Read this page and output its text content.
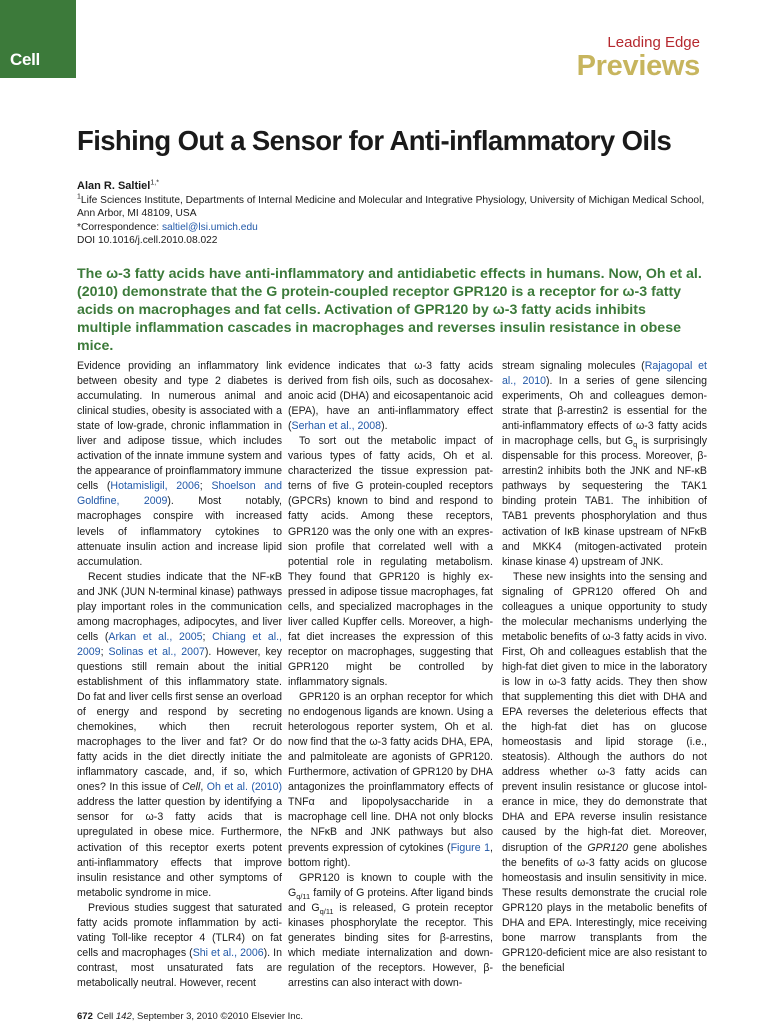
Cell
Leading Edge
Previews
Fishing Out a Sensor for Anti-inflammatory Oils
Alan R. Saltiel$^{1,*}$
$^1$Life Sciences Institute, Departments of Internal Medicine and Molecular and Integrative Physiology, University of Michigan Medical School, Ann Arbor, MI 48109, USA
*Correspondence: saltiel@lsi.umich.edu
DOI 10.1016/j.cell.2010.08.022

The ω-3 fatty acids have anti-inflammatory and antidiabetic effects in humans. Now, Oh et al. (2010) demonstrate that the G protein-coupled receptor GPR120 is a receptor for ω-3 fatty acids on macrophages and fat cells. Activation of GPR120 by ω-3 fatty acids inhibits multiple inflammation cascades in macrophages and reverses insulin resistance in obese mice.

Evidence providing an inflammatory link between obesity and type 2 diabetes is accumulating. In numerous animal and clinical studies, obesity is associated with a state of low-grade, chronic inflammation in liver and adipose tissue, which includes activation of the innate immune system and the appearance of proinflammatory immune cells (Hotamisligil, 2006; Shoelson and Goldfine, 2009). Most notably, macrophages conspire with increased levels of inflammatory cytokines to attenuate insulin action and increase lipid accumulation.

Recent studies indicate that the NF-κB and JNK (JUN N-terminal kinase) pathways play important roles in the communication among macrophages, adipocytes, and liver cells (Arkan et al., 2005; Chiang et al., 2009; Solinas et al., 2007). However, key questions still remain about the initial establishment of this inflammatory state. Do fat and liver cells first sense an overload of energy and respond by secreting chemokines, which then recruit macrophages to the liver and fat? Or do fatty acids in the diet directly initiate the inflammatory cascade, and, if so, which ones? In this issue of Cell, Oh et al. (2010) address the latter question by identifying a sensor for ω-3 fatty acids that is upregulated in obese mice. Furthermore, activation of this receptor exerts potent anti-inflammatory effects that improve insulin resistance and other symptoms of metabolic syndrome in mice.

Previous studies suggest that saturated fatty acids promote inflammation by activating Toll-like receptor 4 (TLR4) on fat cells and macrophages (Shi et al., 2006). In contrast, most unsaturated fats are metabolically neutral. However, recent

evidence indicates that ω-3 fatty acids derived from fish oils, such as docosahexanoic acid (DHA) and eicosapentanoic acid (EPA), have an anti-inflammatory effect (Serhan et al., 2008).

To sort out the metabolic impact of various types of fatty acids, Oh et al. characterized the tissue expression patterns of five G protein-coupled receptors (GPCRs) known to bind and respond to fatty acids. Among these receptors, GPR120 was the only one with an expression profile that correlated well with a potential role in regulating metabolism. They found that GPR120 is highly expressed in adipose tissue macrophages, fat cells, and specialized macrophages in the liver called Kupffer cells. Moreover, a high-fat diet increases the expression of this receptor on macrophages, suggesting that GPR120 might be controlled by inflammatory signals.

GPR120 is an orphan receptor for which no endogenous ligands are known. Using a heterologous reporter system, Oh et al. now find that the ω-3 fatty acids DHA, EPA, and palmitoleate are agonists of GPR120. Furthermore, activation of GPR120 by DHA antagonizes the proinflammatory effects of TNFα and lipopolysaccharide in a macrophage cell line. DHA not only blocks the NFκB and JNK pathways but also prevents expression of cytokines (Figure 1, bottom right).

GPR120 is known to couple with the $G_{q/11}$ family of G proteins. After ligand binds and $G_{q/11}$ is released, G protein receptor kinases phosphorylate the receptor. This generates binding sites for β-arrestins, which mediate internalization and downregulation of the receptors. However, β-arrestins can also interact with down-

stream signaling molecules (Rajagopal et al., 2010). In a series of gene silencing experiments, Oh and colleagues demonstrate that β-arrestin2 is essential for the anti-inflammatory effects of ω-3 fatty acids in macrophage cells, but $G_q$ is surprisingly dispensable for this process. Moreover, β-arrestin2 inhibits both the JNK and NF-κB pathways by sequestering the TAK1 binding protein TAB1. The inhibition of TAB1 prevents phosphorylation and thus activation of IκB kinase upstream of NFκB and MKK4 (mitogen-activated protein kinase kinase 4) upstream of JNK.

These new insights into the sensing and signaling of GPR120 offered Oh and colleagues a unique opportunity to study the molecular mechanisms underlying the metabolic benefits of ω-3 fatty acids in vivo. First, Oh and colleagues establish that the high-fat diet given to mice in the laboratory is low in ω-3 fatty acids. They then show that supplementing this diet with DHA and EPA reverses the deleterious effects that the high-fat diet has on glucose homeostasis and lipid storage (i.e., steatosis). Although the authors do not address whether ω-3 fatty acids can prevent insulin resistance or glucose intolerance in mice, they do demonstrate that DHA and EPA reverse insulin resistance caused by the high-fat diet. Moreover, disruption of the GPR120 gene abolishes the benefits of ω-3 fatty acids on glucose homeostasis and insulin sensitivity in mice. These results demonstrate the crucial role GPR120 plays in the metabolic benefits of DHA and EPA. Interestingly, mice receiving bone marrow transplants from the GPR120-deficient mice are also resistant to the beneficial

672 Cell 142, September 3, 2010 ©2010 Elsevier Inc.
